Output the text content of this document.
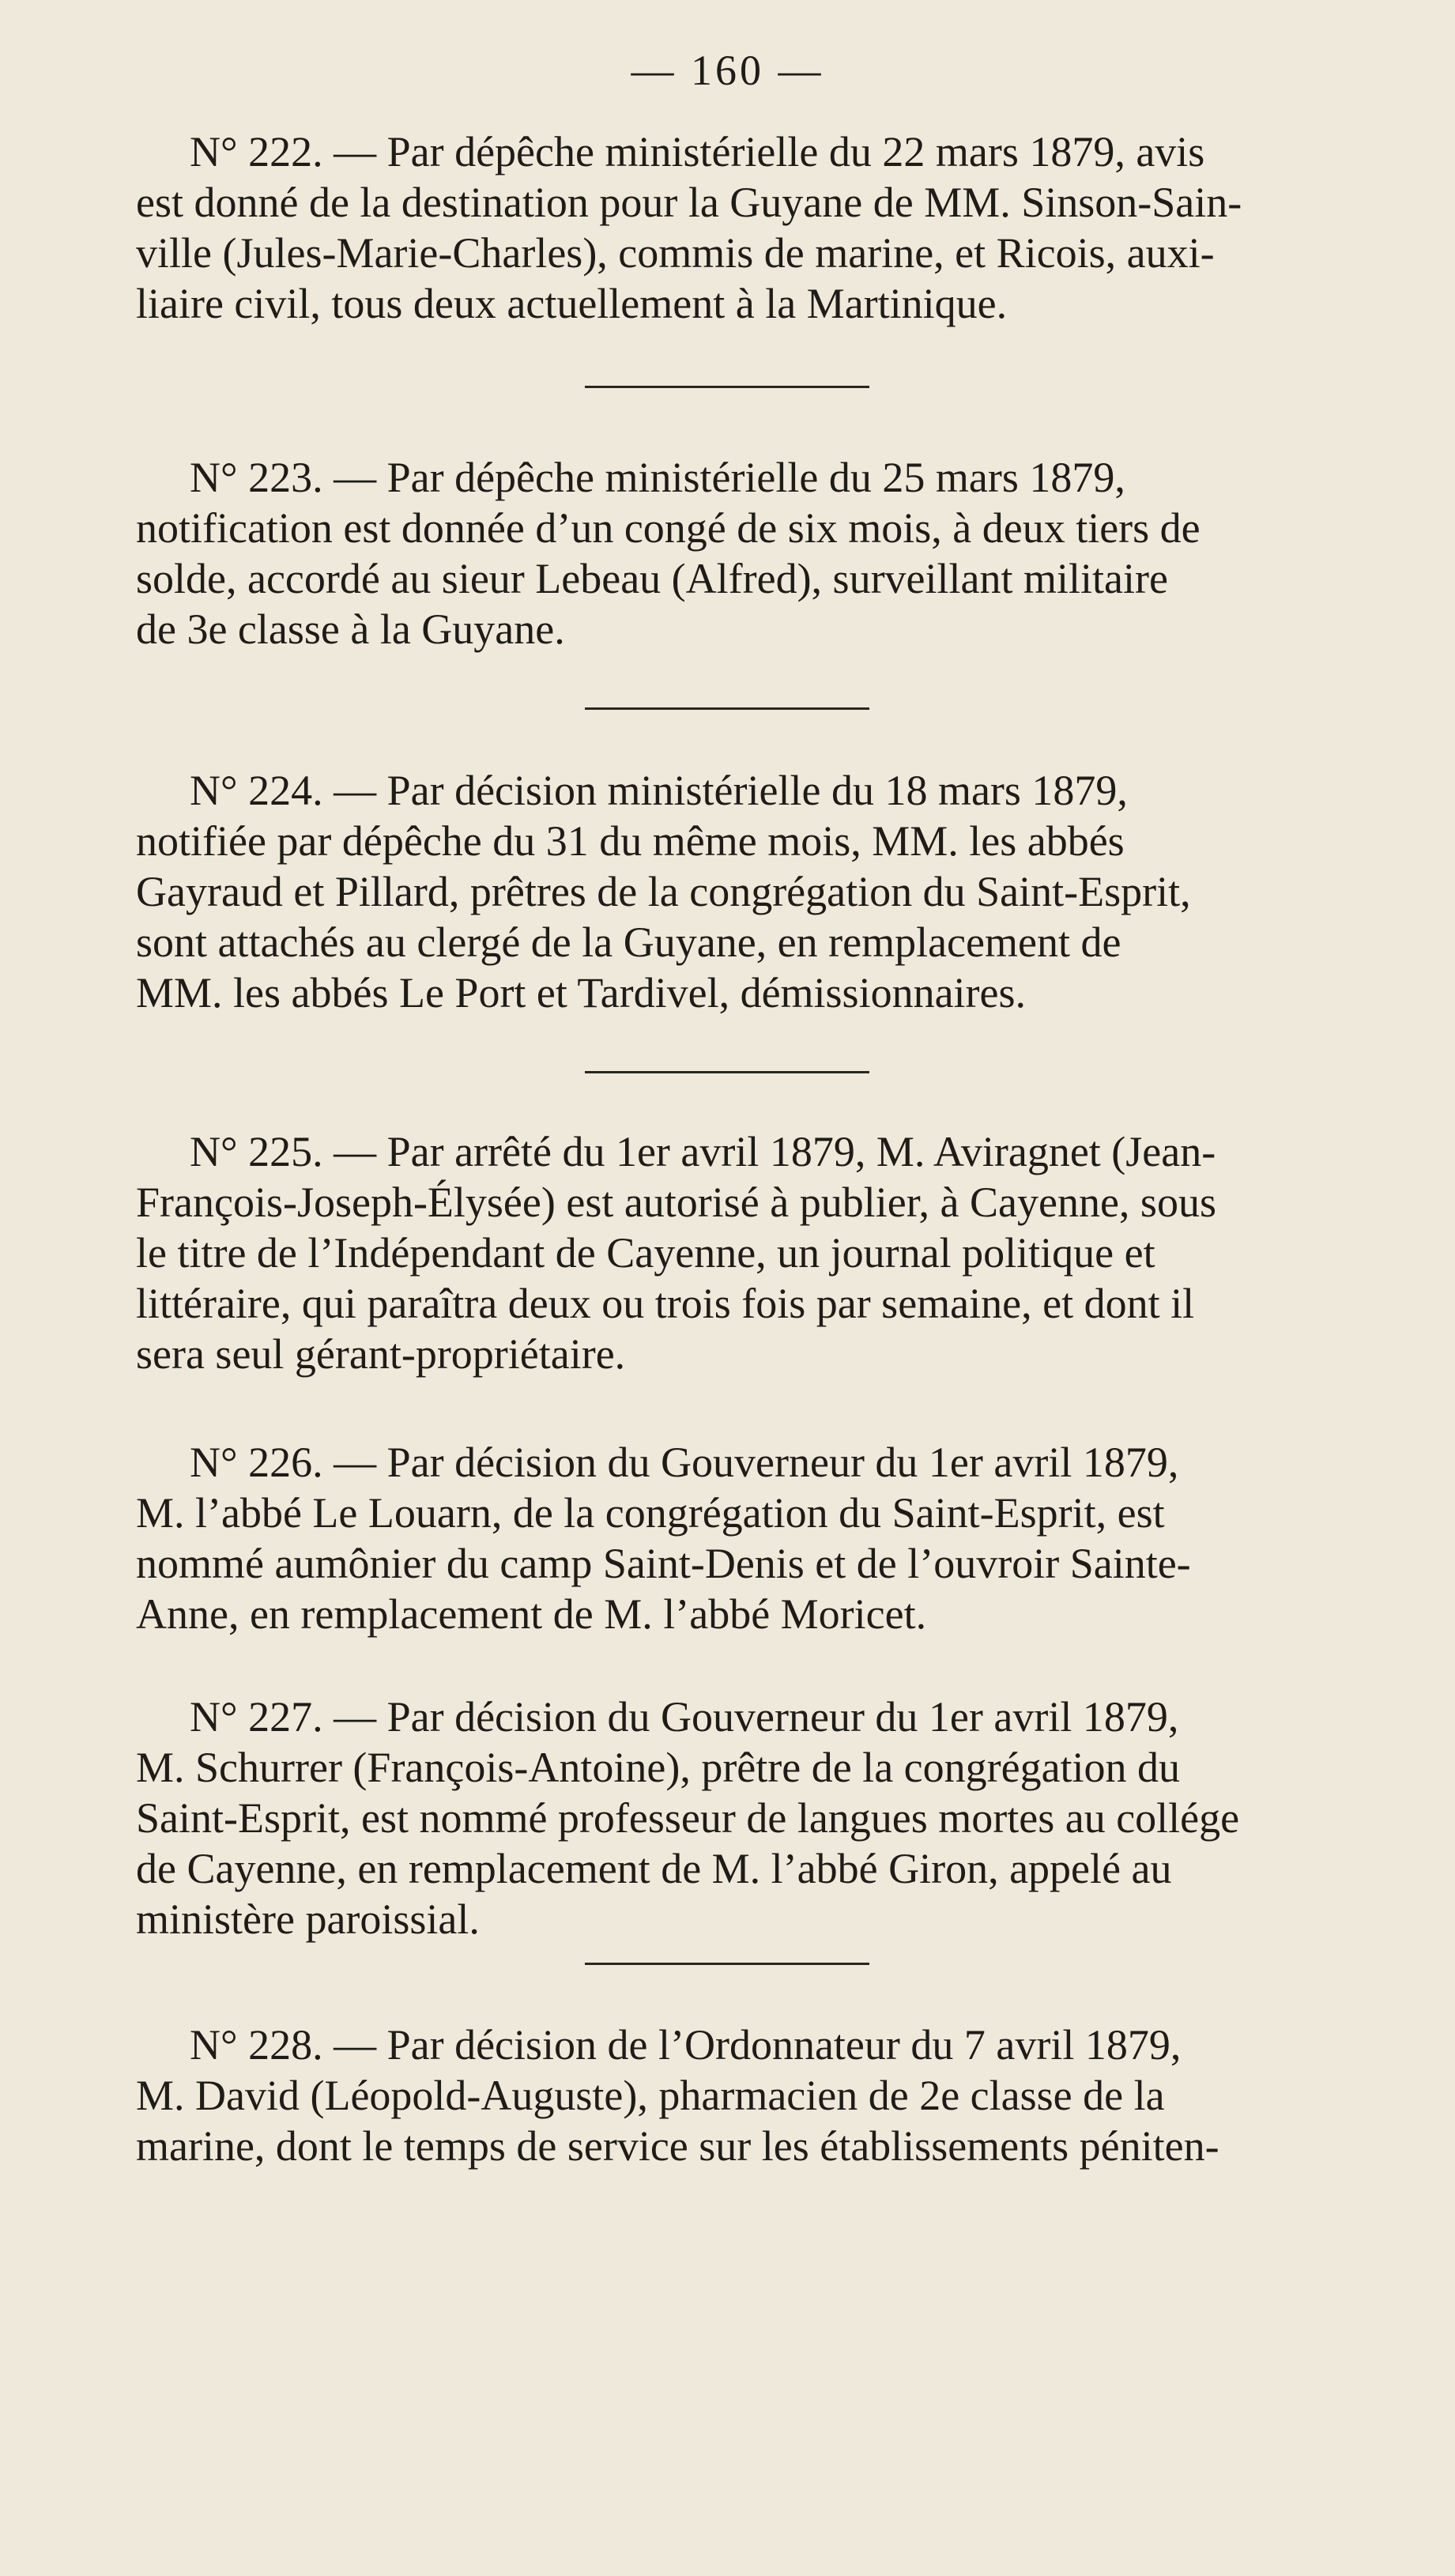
— 160 —
N° 222. — Par dépêche ministérielle du 22 mars 1879, avis
est donné de la destination pour la Guyane de MM. Sinson-Sain-
ville (Jules-Marie-Charles), commis de marine, et Ricois, auxi-
liaire civil, tous deux actuellement à la Martinique.
N° 223. — Par dépêche ministérielle du 25 mars 1879,
notification est donnée d’un congé de six mois, à deux tiers de
solde, accordé au sieur Lebeau (Alfred), surveillant militaire
de 3e classe à la Guyane.
N° 224. — Par décision ministérielle du 18 mars 1879,
notifiée par dépêche du 31 du même mois, MM. les abbés
Gayraud et Pillard, prêtres de la congrégation du Saint-Esprit,
sont attachés au clergé de la Guyane, en remplacement de
MM. les abbés Le Port et Tardivel, démissionnaires.
N° 225. — Par arrêté du 1er avril 1879, M. Aviragnet (Jean-
François-Joseph-Élysée) est autorisé à publier, à Cayenne, sous
le titre de l’Indépendant de Cayenne, un journal politique et
littéraire, qui paraîtra deux ou trois fois par semaine, et dont il
sera seul gérant-propriétaire.
N° 226. — Par décision du Gouverneur du 1er avril 1879,
M. l’abbé Le Louarn, de la congrégation du Saint-Esprit, est
nommé aumônier du camp Saint-Denis et de l’ouvroir Sainte-
Anne, en remplacement de M. l’abbé Moricet.
N° 227. — Par décision du Gouverneur du 1er avril 1879,
M. Schurrer (François-Antoine), prêtre de la congrégation du
Saint-Esprit, est nommé professeur de langues mortes au collége
de Cayenne, en remplacement de M. l’abbé Giron, appelé au
ministère paroissial.
N° 228. — Par décision de l’Ordonnateur du 7 avril 1879,
M. David (Léopold-Auguste), pharmacien de 2e classe de la
marine, dont le temps de service sur les établissements péniten-
